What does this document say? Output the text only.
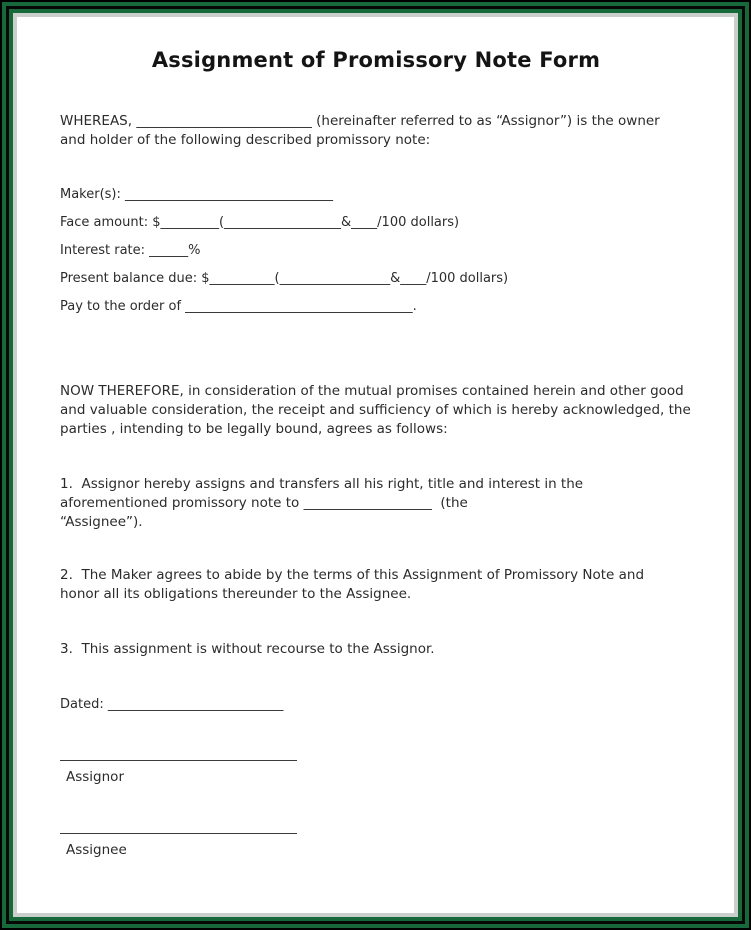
Assignment of Promissory Note Form
WHEREAS, __________________________ (hereinafter referred to as “Assignor”) is the owner
and holder of the following described promissory note:
Maker(s): ________________________________
Face amount: $_________(__________________&____/100 dollars)
Interest rate: ______%
Present balance due: $__________(_________________&____/100 dollars)
Pay to the order of ___________________________________.
NOW THEREFORE, in consideration of the mutual promises contained herein and other good
and valuable consideration, the receipt and sufficiency of which is hereby acknowledged, the
parties , intending to be legally bound, agrees as follows:
1.  Assignor hereby assigns and transfers all his right, title and interest in the
aforementioned promissory note to ___________________  (the
“Assignee”).
2.  The Maker agrees to abide by the terms of this Assignment of Promissory Note and
honor all its obligations thereunder to the Assignee.
3.  This assignment is without recourse to the Assignor.
Dated: ___________________________
Assignor
Assignee
